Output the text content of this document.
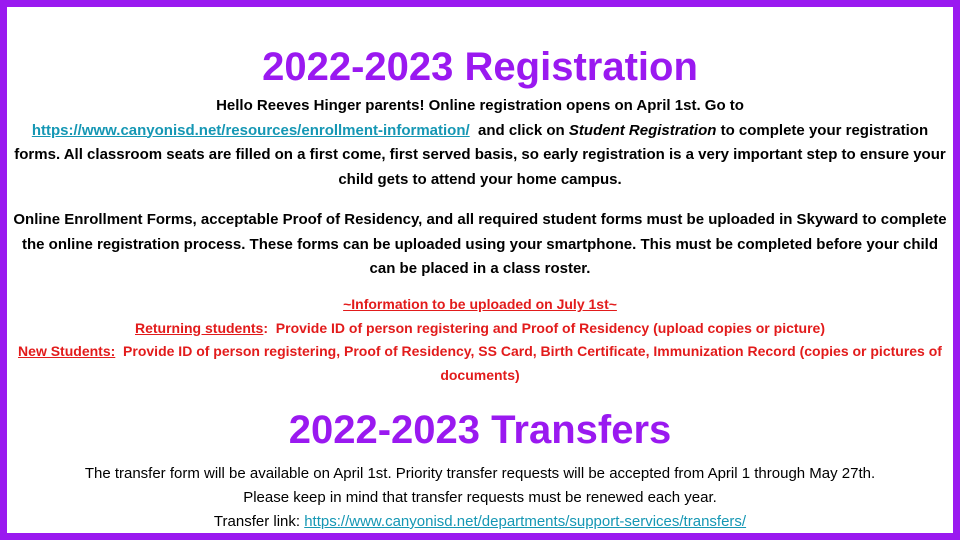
2022-2023 Registration

Hello Reeves Hinger parents! Online registration opens on April 1st. Go to
https://www.canyonisd.net/resources/enrollment-information/ and click on Student Registration to complete your registration forms. All classroom seats are filled on a first come, first served basis, so early registration is a very important step to ensure your child gets to attend your home campus.

Online Enrollment Forms, acceptable Proof of Residency, and all required student forms must be uploaded in Skyward to complete the online registration process. These forms can be uploaded using your smartphone. This must be completed before your child can be placed in a class roster.

~Information to be uploaded on July 1st~
Returning students:  Provide ID of person registering and Proof of Residency (upload copies or picture)
New Students:  Provide ID of person registering, Proof of Residency, SS Card, Birth Certificate, Immunization Record (copies or pictures of documents)
2022-2023 Transfers
The transfer form will be available on April 1st. Priority transfer requests will be accepted from April 1 through May 27th.
Please keep in mind that transfer requests must be renewed each year.
Transfer link: https://www.canyonisd.net/departments/support-services/transfers/
